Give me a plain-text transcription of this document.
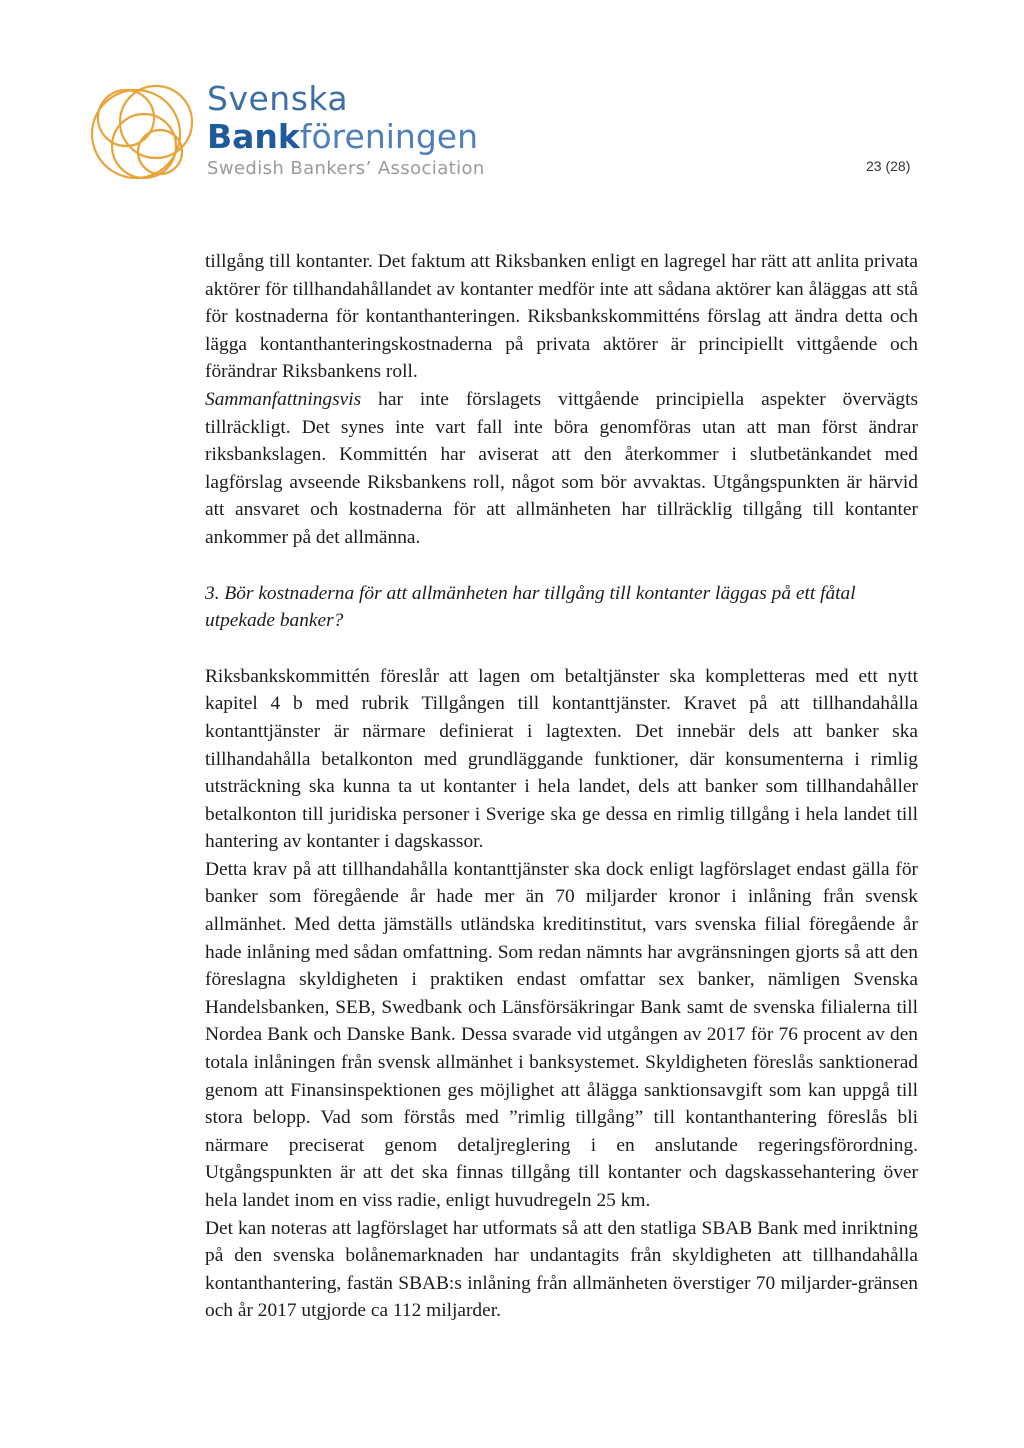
Svenska
Bankföreningen
Swedish Bankers’ Association	23 (28)

tillgång till kontanter. Det faktum att Riksbanken enligt en lagregel har rätt att anlita privata aktörer för tillhandahållandet av kontanter medför inte att sådana aktörer kan åläggas att stå för kostnaderna för kontanthanteringen. Riksbankskommitténs förslag att ändra detta och lägga kontanthanteringskostnaderna på privata aktörer är principiellt vittgående och förändrar Riksbankens roll.

Sammanfattningsvis har inte förslagets vittgående principiella aspekter övervägts tillräckligt. Det synes inte vart fall inte böra genomföras utan att man först ändrar riksbankslagen. Kommittén har aviserat att den återkommer i slutbetänkandet med lagförslag avseende Riksbankens roll, något som bör avvaktas. Utgångspunkten är härvid att ansvaret och kostnaderna för att allmänheten har tillräcklig tillgång till kontanter ankommer på det allmänna.

3. Bör kostnaderna för att allmänheten har tillgång till kontanter läggas på ett fåtal utpekade banker?

Riksbankskommittén föreslår att lagen om betaltjänster ska kompletteras med ett nytt kapitel 4 b med rubrik Tillgången till kontanttjänster. Kravet på att tillhandahålla kontanttjänster är närmare definierat i lagtexten. Det innebär dels att banker ska tillhandahålla betalkonton med grundläggande funktioner, där konsumenterna i rimlig utsträckning ska kunna ta ut kontanter i hela landet, dels att banker som tillhandahåller betalkonton till juridiska personer i Sverige ska ge dessa en rimlig tillgång i hela landet till hantering av kontanter i dagskassor.

Detta krav på att tillhandahålla kontanttjänster ska dock enligt lagförslaget endast gälla för banker som föregående år hade mer än 70 miljarder kronor i inlåning från svensk allmänhet. Med detta jämställs utländska kreditinstitut, vars svenska filial föregående år hade inlåning med sådan omfattning. Som redan nämnts har avgränsningen gjorts så att den föreslagna skyldigheten i praktiken endast omfattar sex banker, nämligen Svenska Handelsbanken, SEB, Swedbank och Länsförsäkringar Bank samt de svenska filialerna till Nordea Bank och Danske Bank. Dessa svarade vid utgången av 2017 för 76 procent av den totala inlåningen från svensk allmänhet i banksystemet. Skyldigheten föreslås sanktionerad genom att Finansinspektionen ges möjlighet att ålägga sanktionsavgift som kan uppgå till stora belopp. Vad som förstås med ”rimlig tillgång” till kontanthantering föreslås bli närmare preciserat genom detaljreglering i en anslutande regeringsförordning. Utgångspunkten är att det ska finnas tillgång till kontanter och dagskassehantering över hela landet inom en viss radie, enligt huvudregeln 25 km.

Det kan noteras att lagförslaget har utformats så att den statliga SBAB Bank med inriktning på den svenska bolånemarknaden har undantagits från skyldigheten att tillhandahålla kontanthantering, fastän SBAB:s inlåning från allmänheten överstiger 70 miljarder-gränsen och år 2017 utgjorde ca 112 miljarder.
